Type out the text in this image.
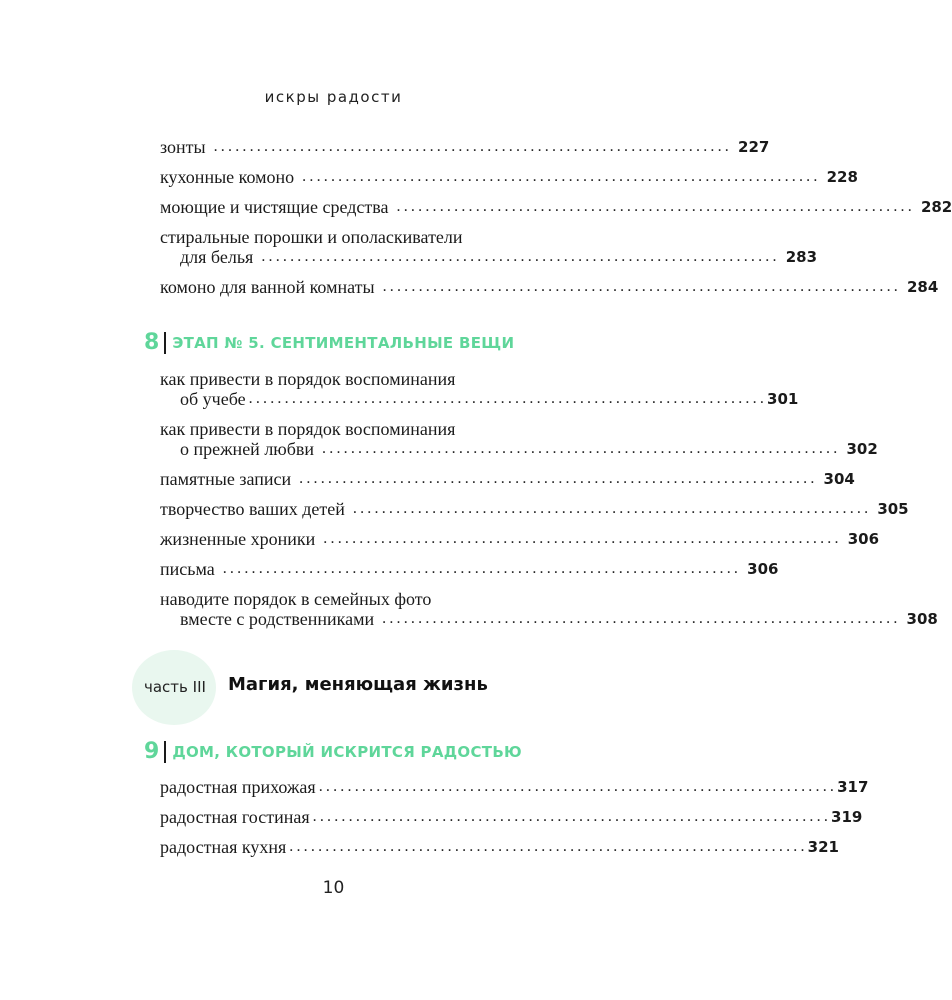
искры радости
зонты ........................................................................ 227
кухонные комоно ........................................................................ 228
моющие и чистящие средства ........................................................................ 282
стиральные порошки и ополаскиватели
для белья ........................................................................ 283
комоно для ванной комнаты ........................................................................ 284
8 ЭТАП № 5. СЕНТИМЕНТАЛЬНЫЕ ВЕЩИ
как привести в порядок воспоминания
об учебе ........................................................................ 301
как привести в порядок воспоминания
о прежней любви ........................................................................ 302
памятные записи ........................................................................ 304
творчество ваших детей ........................................................................ 305
жизненные хроники ........................................................................ 306
письма ........................................................................ 306
наводите порядок в семейных фото
вместе с родственниками ........................................................................ 308
часть III Магия, меняющая жизнь
9 ДОМ, КОТОРЫЙ ИСКРИТСЯ РАДОСТЬЮ
радостная прихожая ........................................................................ 317
радостная гостиная ........................................................................ 319
радостная кухня ........................................................................ 321
10
